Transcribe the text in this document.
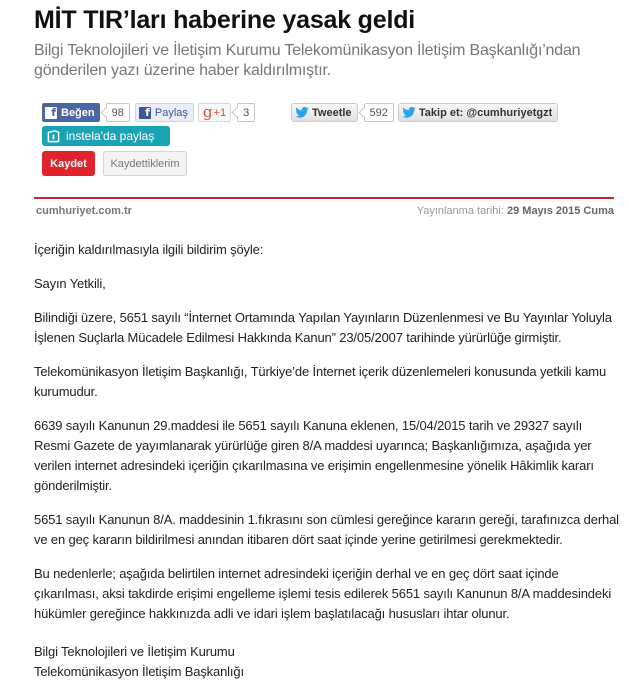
MİT TIR’ları haberine yasak geldi
Bilgi Teknolojileri ve İletişim Kurumu Telekomünikasyon İletişim Başkanlığı’ndan gönderilen yazı üzerine haber kaldırılmıştır.
f Beğen	98	f Paylaş g +1	3	Tweetle	592	Takip et: @cumhuriyetgzt
instela'da paylaş
Kaydet	Kaydettiklerim
cumhuriyet.com.tr	Yayınlanma tarihi: 29 Mayıs 2015 Cuma

İçeriğin kaldırılmasıyla ilgili bildirim şöyle:

Sayın Yetkili,

Bilindiği üzere, 5651 sayılı “İnternet Ortamında Yapılan Yayınların Düzenlenmesi ve Bu Yayınlar Yoluyla İşlenen Suçlarla Mücadele Edilmesi Hakkında Kanun” 23/05/2007 tarihinde yürürlüğe girmiştir.

Telekomünikasyon İletişim Başkanlığı, Türkiye’de İnternet içerik düzenlemeleri konusunda yetkili kamu kurumudur.

6639 sayılı Kanunun 29.maddesi ile 5651 sayılı Kanuna eklenen, 15/04/2015 tarih ve 29327 sayılı Resmi Gazete de yayımlanarak yürürlüğe giren 8/A maddesi uyarınca; Başkanlığımıza, aşağıda yer verilen internet adresindeki içeriğin çıkarılmasına ve erişimin engellenmesine yönelik Hâkimlik kararı gönderilmiştir.

5651 sayılı Kanunun 8/A. maddesinin 1.fıkrasını son cümlesi gereğince kararın gereği, tarafınızca derhal ve en geç kararın bildirilmesi anından itibaren dört saat içinde yerine getirilmesi gerekmektedir.

Bu nedenlerle; aşağıda belirtilen internet adresindeki içeriğin derhal ve en geç dört saat içinde çıkarılması, aksi takdirde erişimi engelleme işlemi tesis edilerek 5651 sayılı Kanunun 8/A maddesindeki hükümler gereğince hakkınızda adli ve idari işlem başlatılacağı hususları ihtar olunur.

Bilgi Teknolojileri ve İletişim Kurumu
Telekomünikasyon İletişim Başkanlığı
